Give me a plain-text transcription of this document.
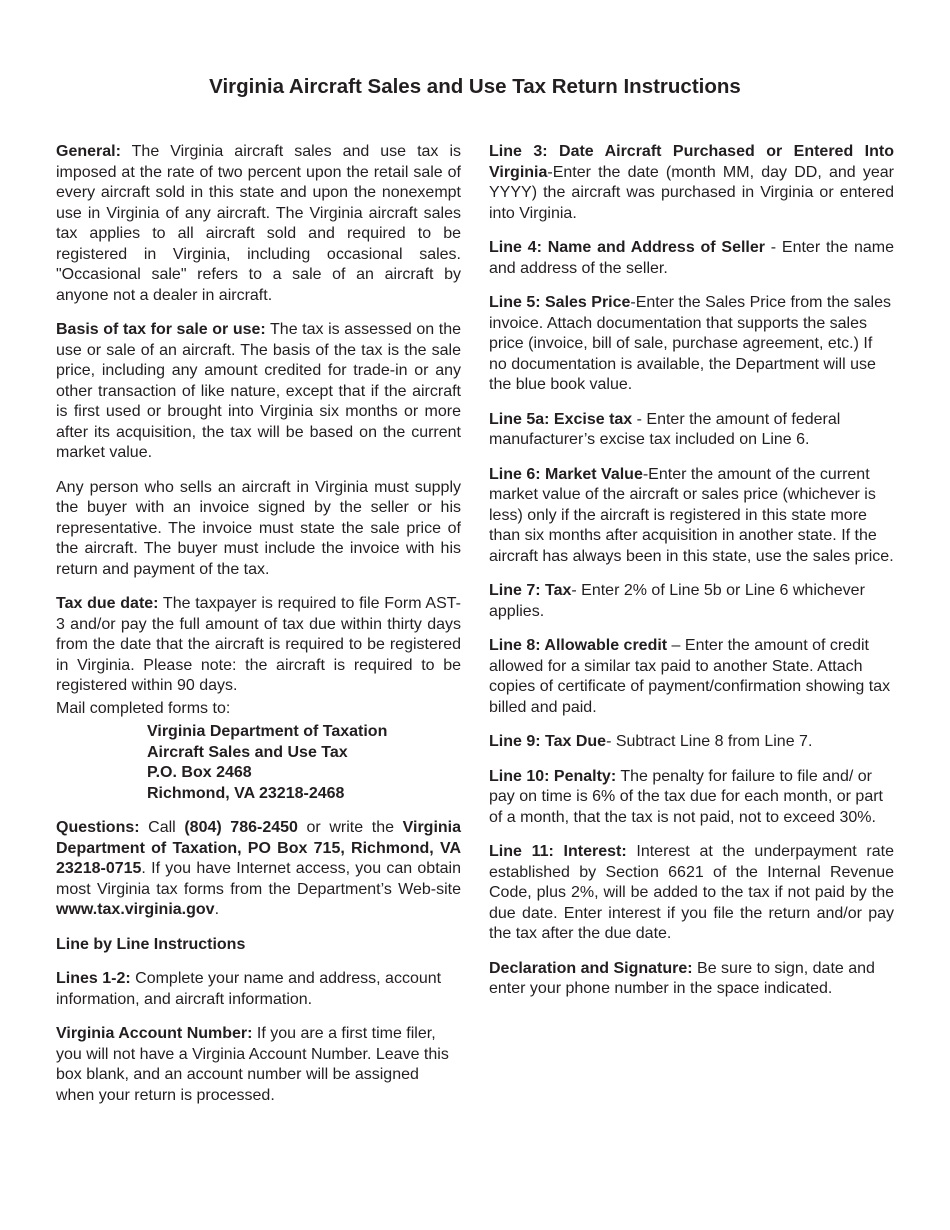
Virginia Aircraft Sales and Use Tax Return Instructions

General: The Virginia aircraft sales and use tax is imposed at the rate of two percent upon the retail sale of every aircraft sold in this state and upon the nonexempt use in Virginia of any aircraft. The Virginia aircraft sales tax applies to all aircraft sold and required to be registered in Virginia, including occasional sales. "Occasional sale" refers to a sale of an aircraft by anyone not a dealer in aircraft.

Basis of tax for sale or use: The tax is assessed on the use or sale of an aircraft. The basis of the tax is the sale price, including any amount credited for trade-in or any other transaction of like nature, except that if the aircraft is first used or brought into Virginia six months or more after its acquisition, the tax will be based on the current market value.

Any person who sells an aircraft in Virginia must supply the buyer with an invoice signed by the seller or his representative. The invoice must state the sale price of the aircraft. The buyer must include the invoice with his return and payment of the tax.

Tax due date: The taxpayer is required to file Form AST-3 and/or pay the full amount of tax due within thirty days from the date that the aircraft is required to be registered in Virginia. Please note: the aircraft is required to be registered within 90 days.

Mail completed forms to:

Virginia Department of Taxation
Aircraft Sales and Use Tax
P.O. Box 2468
Richmond, VA 23218-2468

Questions: Call (804) 786-2450 or write the Virginia Department of Taxation, PO Box 715, Richmond, VA 23218-0715. If you have Internet access, you can obtain most Virginia tax forms from the Department’s Web-site www.tax.virginia.gov.

Line by Line Instructions

Lines 1-2: Complete your name and address, account information, and aircraft information.

Virginia Account Number: If you are a first time filer, you will not have a Virginia Account Number. Leave this box blank, and an account number will be assigned when your return is processed.

Line 3: Date Aircraft Purchased or Entered Into Virginia-Enter the date (month MM, day DD, and year YYYY) the aircraft was purchased in Virginia or entered into Virginia.

Line 4: Name and Address of Seller - Enter the name and address of the seller.

Line 5: Sales Price-Enter the Sales Price from the sales invoice. Attach documentation that supports the sales price (invoice, bill of sale, purchase agreement, etc.) If no documentation is available, the Department will use the blue book value.

Line 5a: Excise tax - Enter the amount of federal manufacturer’s excise tax included on Line 6.

Line 6: Market Value-Enter the amount of the current market value of the aircraft or sales price (whichever is less) only if the aircraft is registered in this state more than six months after acquisition in another state. If the aircraft has always been in this state, use the sales price.

Line 7: Tax- Enter 2% of Line 5b or Line 6 whichever applies.

Line 8: Allowable credit – Enter the amount of credit allowed for a similar tax paid to another State. Attach copies of certificate of payment/confirmation showing tax billed and paid.

Line 9: Tax Due- Subtract Line 8 from Line 7.

Line 10: Penalty: The penalty for failure to file and/ or pay on time is 6% of the tax due for each month, or part of a month, that the tax is not paid, not to exceed 30%.

Line 11: Interest: Interest at the underpayment rate established by Section 6621 of the Internal Revenue Code, plus 2%, will be added to the tax if not paid by the due date. Enter interest if you file the return and/or pay the tax after the due date.

Declaration and Signature: Be sure to sign, date and enter your phone number in the space indicated.
